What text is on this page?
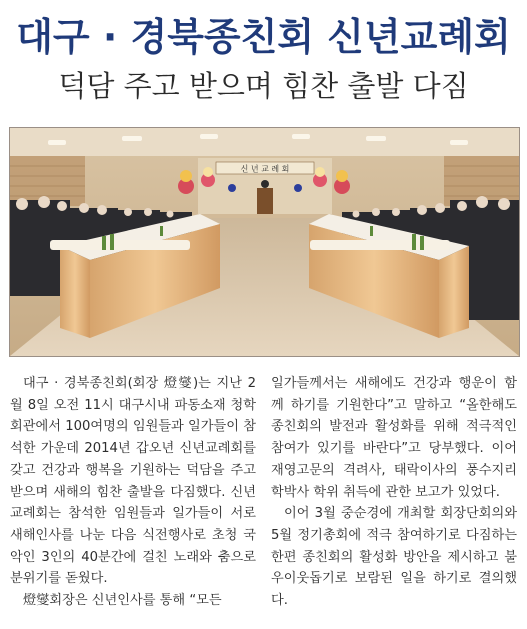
대구 · 경북종친회 신년교례회
덕담 주고 받으며 힘찬 출발 다짐
신 년 교 례 회

대구 · 경북종친회(회장 燈燮)는 지난 2월 8일 오전 11시 대구시내 파동소재 청학회관에서 100여명의 임원들과 일가들이 참석한 가운데 2014년 갑오년 신년교례회를 갖고 건강과 행복을 기원하는 덕담을 주고 받으며 새해의 힘찬 출발을 다짐했다. 신년교례회는 참석한 임원들과 일가들이 서로 새해인사를 나눈 다음 식전행사로 초청 국악인 3인의 40분간에 걸친 노래와 춤으로 분위기를 돋웠다.

燈燮회장은 신년인사를 통해 “모든

일가들께서는 새해에도 건강과 행운이 함께 하기를 기원한다”고 말하고 “올한해도 종친회의 발전과 활성화를 위해 적극적인 참여가 있기를 바란다”고 당부했다. 이어 재영고문의 격려사, 태락이사의 풍수지리학박사 학위 취득에 관한 보고가 있었다.

이어 3월 중순경에 개최할 회장단회의와 5월 정기총회에 적극 참여하기로 다짐하는 한편 종친회의 활성화 방안을 제시하고 불우이웃돕기로 보람된 일을 하기로 결의했다.
